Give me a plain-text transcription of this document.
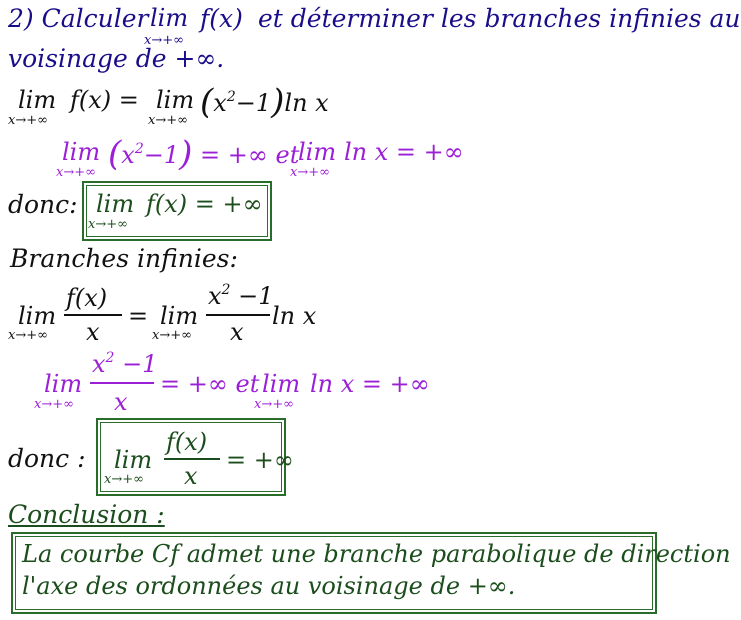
2) Calculer lim
x→+∞
f(x) et déterminer les branches infinies au
voisinage de +∞.
lim
x→+∞
f(x) = lim
x→+∞ $(x^2-1)\ln$ x
lim
x→+∞ $(x^2-1)$ = +∞ et
lim
x→+∞
ln x = +∞
donc: lim
x→+∞
f(x) = +∞
Branches infinies:
lim
x→+∞
f(x)
x
= lim
x→+∞
$x^2 -1$
x
ln x
lim
x→+∞
$x^2 -1$
x
= +∞ et lim
x→+∞
ln x = +∞
donc : lim
x→+∞
f(x)
x
= +∞
Conclusion :
La courbe Cf admet une branche parabolique de direction
l'axe des ordonnées au voisinage de +∞.
